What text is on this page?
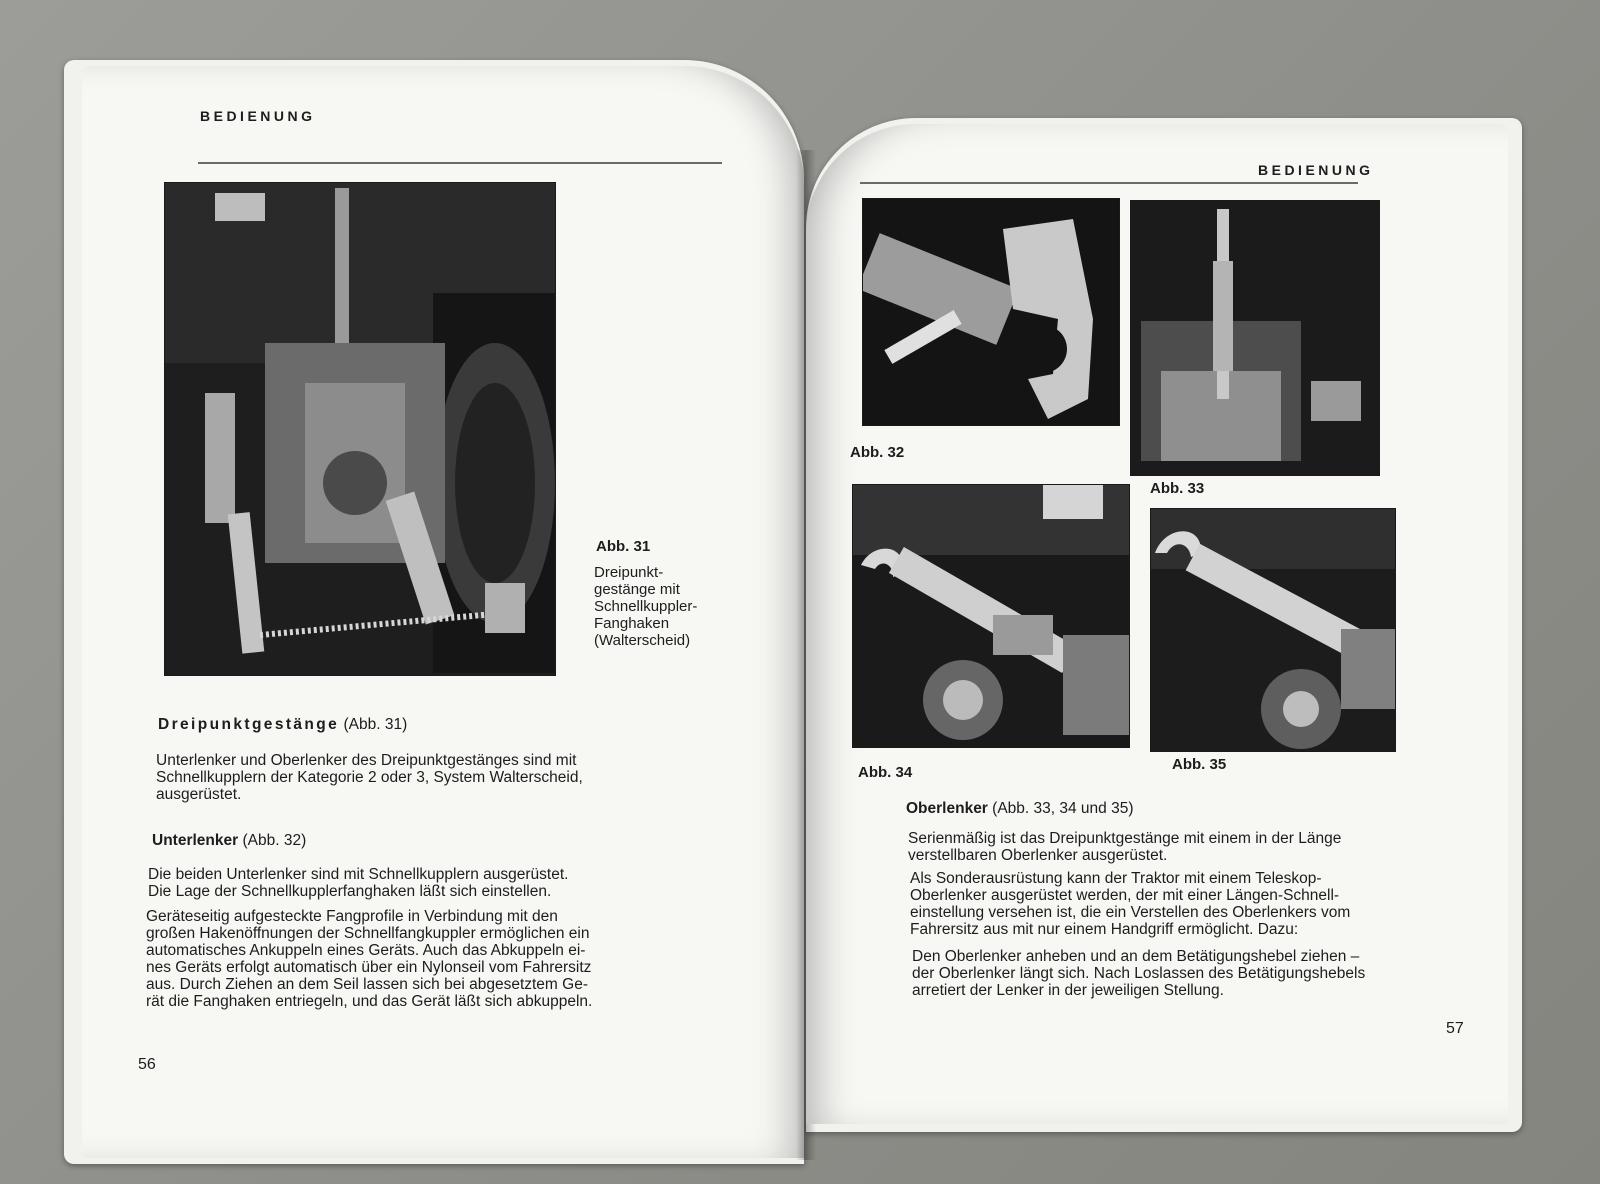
BEDIENUNG
Abb. 31
Dreipunkt-
gestänge mit
Schnellkuppler-
Fanghaken
(Walterscheid)
Dreipunktgestänge (Abb. 31)
Unterlenker und Oberlenker des Dreipunktgestänges sind mit
Schnellkupplern der Kategorie 2 oder 3, System Walterscheid,
ausgerüstet.
Unterlenker (Abb. 32)
Die beiden Unterlenker sind mit Schnellkupplern ausgerüstet.
Die Lage der Schnellkupplerfanghaken läßt sich einstellen.
Geräteseitig aufgesteckte Fangprofile in Verbindung mit den
großen Hakenöffnungen der Schnellfangkuppler ermöglichen ein
automatisches Ankuppeln eines Geräts. Auch das Abkuppeln ei-
nes Geräts erfolgt automatisch über ein Nylonseil vom Fahrersitz
aus. Durch Ziehen an dem Seil lassen sich bei abgesetztem Ge-
rät die Fanghaken entriegeln, und das Gerät läßt sich abkuppeln.
56
BEDIENUNG
Abb. 32
Abb. 33
Abb. 34	Abb. 35
Oberlenker (Abb. 33, 34 und 35)
Serienmäßig ist das Dreipunktgestänge mit einem in der Länge
verstellbaren Oberlenker ausgerüstet.
Als Sonderausrüstung kann der Traktor mit einem Teleskop-
Oberlenker ausgerüstet werden, der mit einer Längen-Schnell-
einstellung versehen ist, die ein Verstellen des Oberlenkers vom
Fahrersitz aus mit nur einem Handgriff ermöglicht. Dazu:
Den Oberlenker anheben und an dem Betätigungshebel ziehen –
der Oberlenker längt sich. Nach Loslassen des Betätigungshebels
arretiert der Lenker in der jeweiligen Stellung.
57
